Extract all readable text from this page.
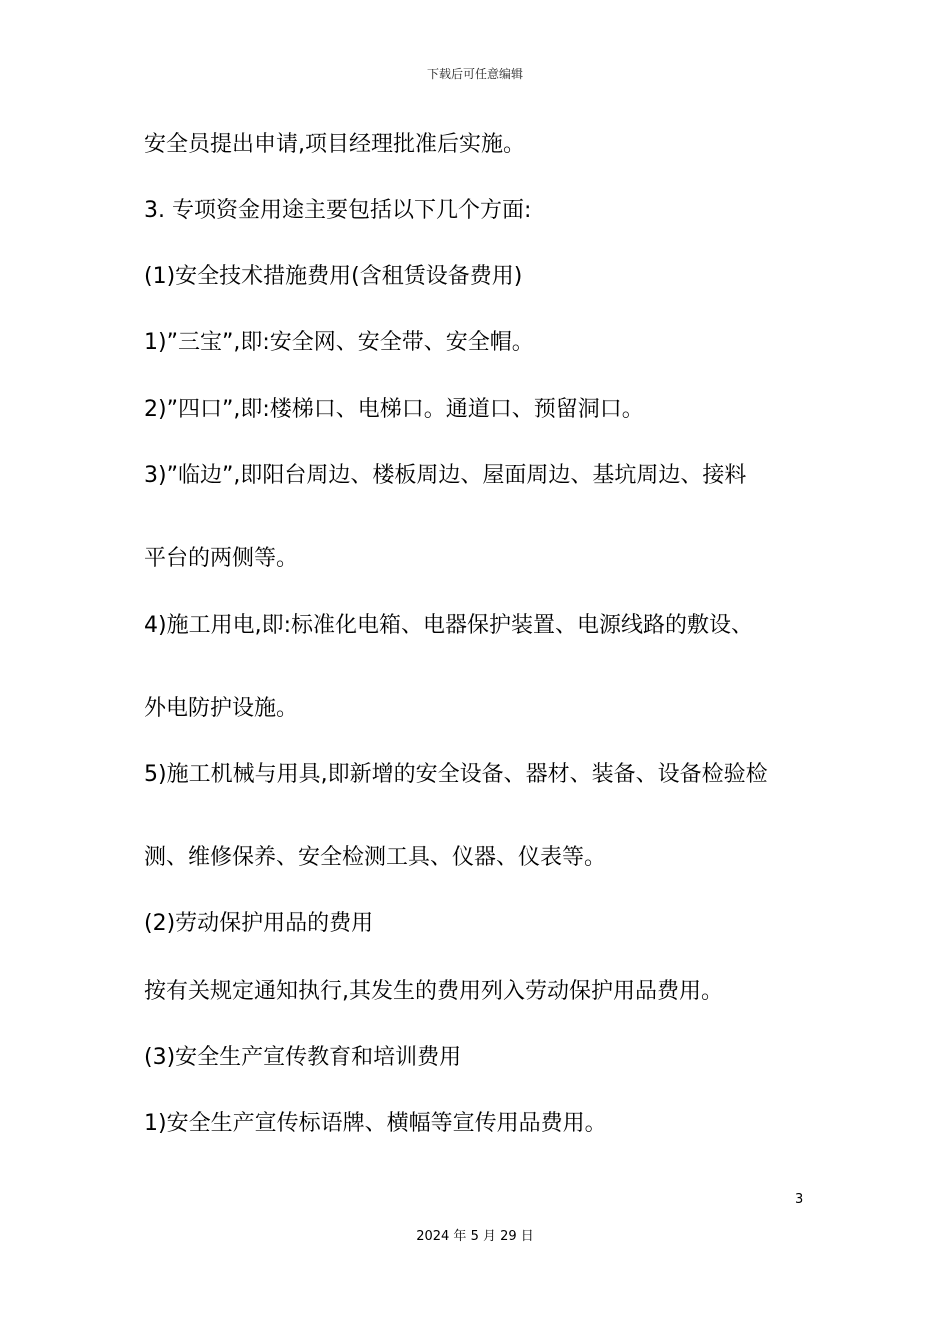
下载后可任意编辑
安全员提出申请,项目经理批准后实施。
3. 专项资金用途主要包括以下几个方面:
(1)安全技术措施费用(含租赁设备费用)
1)”三宝”,即:安全网、安全带、安全帽。
2)”四口”,即:楼梯口、电梯口。通道口、预留洞口。
3)”临边”,即阳台周边、楼板周边、屋面周边、基坑周边、接料
平台的两侧等。
4)施工用电,即:标准化电箱、电器保护装置、电源线路的敷设、
外电防护设施。
5)施工机械与用具,即新增的安全设备、器材、装备、设备检验检
测、维修保养、安全检测工具、仪器、仪表等。
(2)劳动保护用品的费用
按有关规定通知执行,其发生的费用列入劳动保护用品费用。
(3)安全生产宣传教育和培训费用
1)安全生产宣传标语牌、横幅等宣传用品费用。
3
2024 年 5 月 29 日
